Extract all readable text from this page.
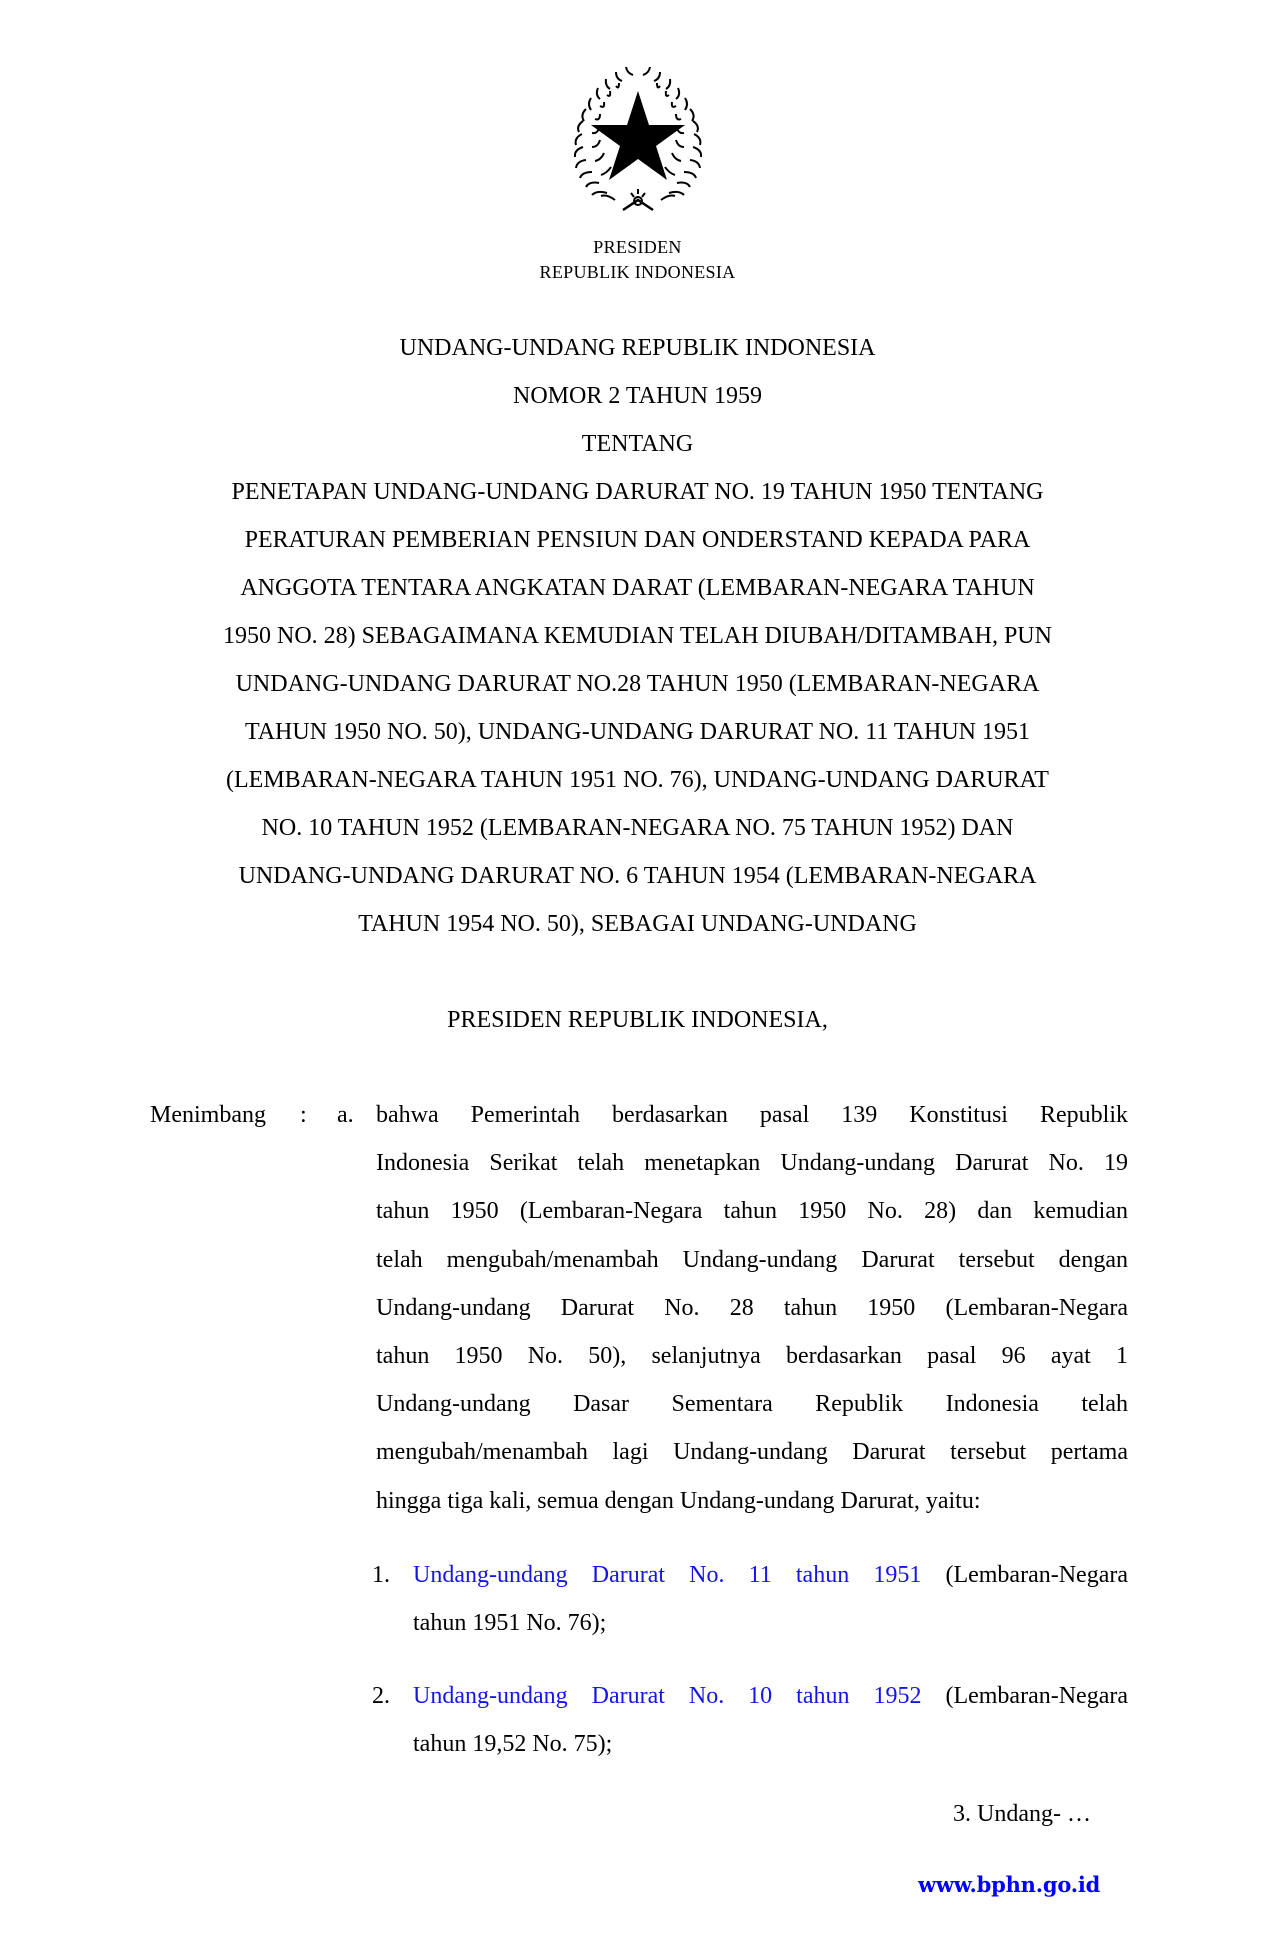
PRESIDEN
REPUBLIK INDONESIA
UNDANG-UNDANG REPUBLIK INDONESIA
NOMOR 2 TAHUN 1959
TENTANG
PENETAPAN UNDANG-UNDANG DARURAT NO. 19 TAHUN 1950 TENTANG
PERATURAN PEMBERIAN PENSIUN DAN ONDERSTAND KEPADA PARA
ANGGOTA TENTARA ANGKATAN DARAT (LEMBARAN-NEGARA TAHUN
1950 NO. 28) SEBAGAIMANA KEMUDIAN TELAH DIUBAH/DITAMBAH, PUN
UNDANG-UNDANG DARURAT NO.28 TAHUN 1950 (LEMBARAN-NEGARA
TAHUN 1950 NO. 50), UNDANG-UNDANG DARURAT NO. 11 TAHUN 1951
(LEMBARAN-NEGARA TAHUN 1951 NO. 76), UNDANG-UNDANG DARURAT
NO. 10 TAHUN 1952 (LEMBARAN-NEGARA NO. 75 TAHUN 1952) DAN
UNDANG-UNDANG DARURAT NO. 6 TAHUN 1954 (LEMBARAN-NEGARA
TAHUN 1954 NO. 50), SEBAGAI UNDANG-UNDANG
PRESIDEN REPUBLIK INDONESIA,
Menimbang : a. bahwa Pemerintah berdasarkan pasal 139 Konstitusi Republik
Indonesia Serikat telah menetapkan Undang-undang Darurat No. 19
tahun 1950 (Lembaran-Negara tahun 1950 No. 28) dan kemudian
telah mengubah/menambah Undang-undang Darurat tersebut dengan
Undang-undang Darurat No. 28 tahun 1950 (Lembaran-Negara
tahun 1950 No. 50), selanjutnya berdasarkan pasal 96 ayat 1
Undang-undang Dasar Sementara Republik Indonesia telah
mengubah/menambah lagi Undang-undang Darurat tersebut pertama
hingga tiga kali, semua dengan Undang-undang Darurat, yaitu:
1. Undang-undang Darurat No. 11 tahun 1951 (Lembaran-Negara
tahun 1951 No. 76);
2. Undang-undang Darurat No. 10 tahun 1952 (Lembaran-Negara
tahun 19,52 No. 75);
3. Undang- …
www.bphn.go.id
